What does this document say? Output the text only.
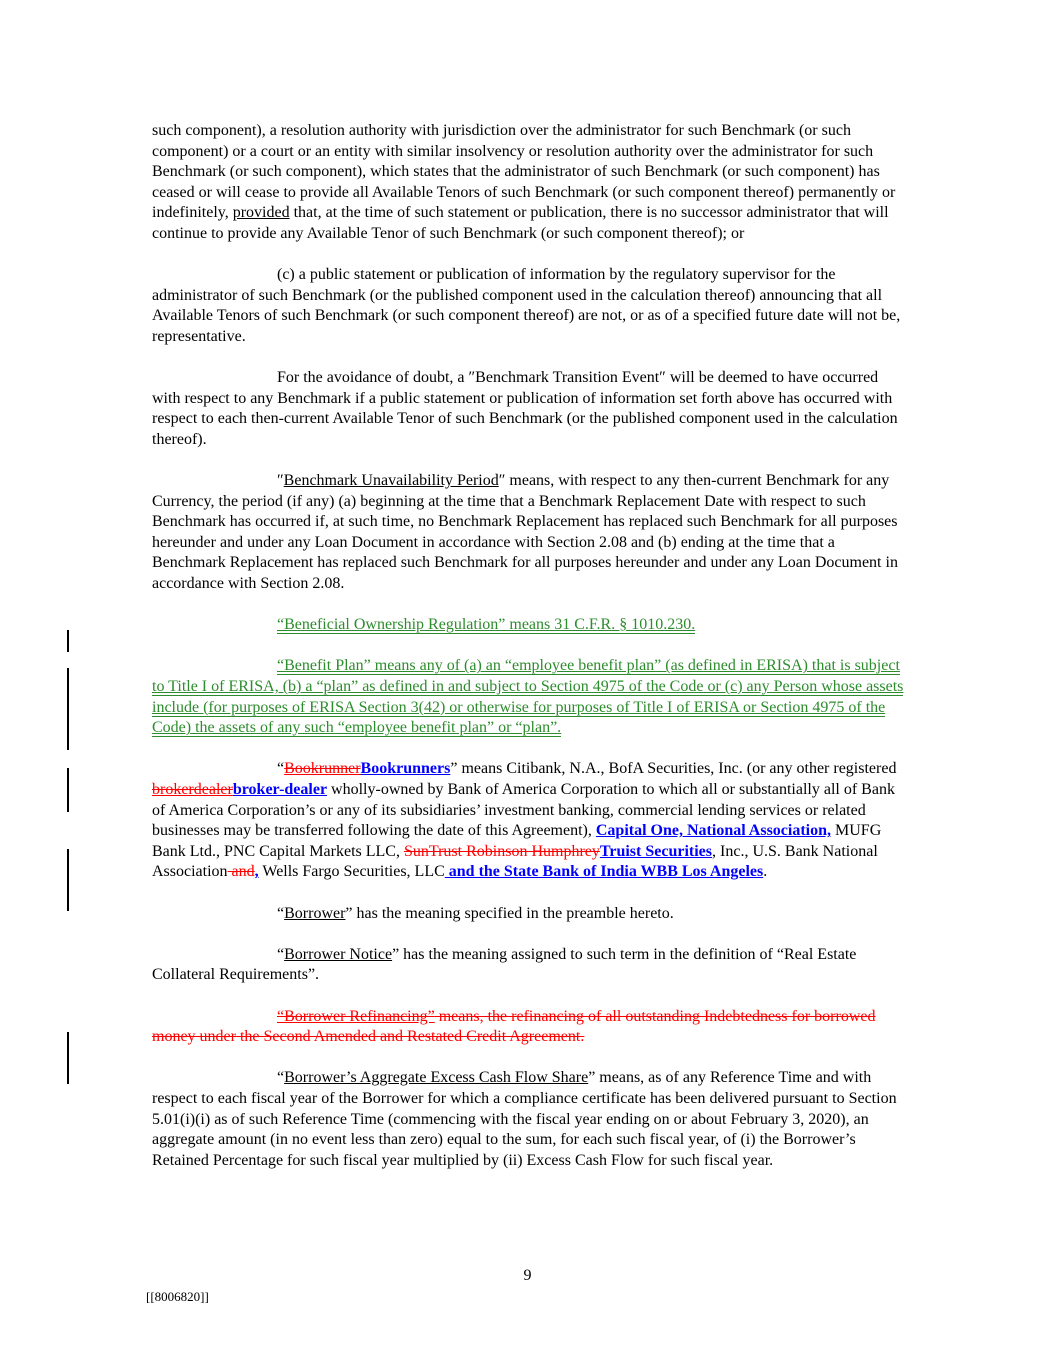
such component), a resolution authority with jurisdiction over the administrator for such Benchmark (or such component) or a court or an entity with similar insolvency or resolution authority over the administrator for such Benchmark (or such component), which states that the administrator of such Benchmark (or such component) has ceased or will cease to provide all Available Tenors of such Benchmark (or such component thereof) permanently or indefinitely, provided that, at the time of such statement or publication, there is no successor administrator that will continue to provide any Available Tenor of such Benchmark (or such component thereof); or

(c) a public statement or publication of information by the regulatory supervisor for the administrator of such Benchmark (or the published component used in the calculation thereof) announcing that all Available Tenors of such Benchmark (or such component thereof) are not, or as of a specified future date will not be, representative.

For the avoidance of doubt, a ″Benchmark Transition Event″ will be deemed to have occurred with respect to any Benchmark if a public statement or publication of information set forth above has occurred with respect to each then-current Available Tenor of such Benchmark (or the published component used in the calculation thereof).

″Benchmark Unavailability Period″ means, with respect to any then-current Benchmark for any Currency, the period (if any) (a) beginning at the time that a Benchmark Replacement Date with respect to such Benchmark has occurred if, at such time, no Benchmark Replacement has replaced such Benchmark for all purposes hereunder and under any Loan Document in accordance with Section 2.08 and (b) ending at the time that a Benchmark Replacement has replaced such Benchmark for all purposes hereunder and under any Loan Document in accordance with Section 2.08.

“Beneficial Ownership Regulation” means 31 C.F.R. § 1010.230.

“Benefit Plan” means any of (a) an “employee benefit plan” (as defined in ERISA) that is subject to Title I of ERISA, (b) a “plan” as defined in and subject to Section 4975 of the Code or (c) any Person whose assets include (for purposes of ERISA Section 3(42) or otherwise for purposes of Title I of ERISA or Section 4975 of the Code) the assets of any such “employee benefit plan” or “plan”.

“BookrunnerBookrunners” means Citibank, N.A., BofA Securities, Inc. (or any other registered brokerdealerbroker-dealer wholly-owned by Bank of America Corporation to which all or substantially all of Bank of America Corporation’s or any of its subsidiaries’ investment banking, commercial lending services or related businesses may be transferred following the date of this Agreement), Capital One, National Association, MUFG Bank Ltd., PNC Capital Markets LLC, SunTrust Robinson HumphreyTruist Securities, Inc., U.S. Bank National Association and, Wells Fargo Securities, LLC and the State Bank of India WBB Los Angeles.

“Borrower” has the meaning specified in the preamble hereto.

“Borrower Notice” has the meaning assigned to such term in the definition of “Real Estate Collateral Requirements”.

“Borrower Refinancing” means, the refinancing of all outstanding Indebtedness for borrowed money under the Second Amended and Restated Credit Agreement.

“Borrower’s Aggregate Excess Cash Flow Share” means, as of any Reference Time and with respect to each fiscal year of the Borrower for which a compliance certificate has been delivered pursuant to Section 5.01(i)(i) as of such Reference Time (commencing with the fiscal year ending on or about February 3, 2020), an aggregate amount (in no event less than zero) equal to the sum, for each such fiscal year, of (i) the Borrower’s Retained Percentage for such fiscal year multiplied by (ii) Excess Cash Flow for such fiscal year.

9
[[8006820]]
